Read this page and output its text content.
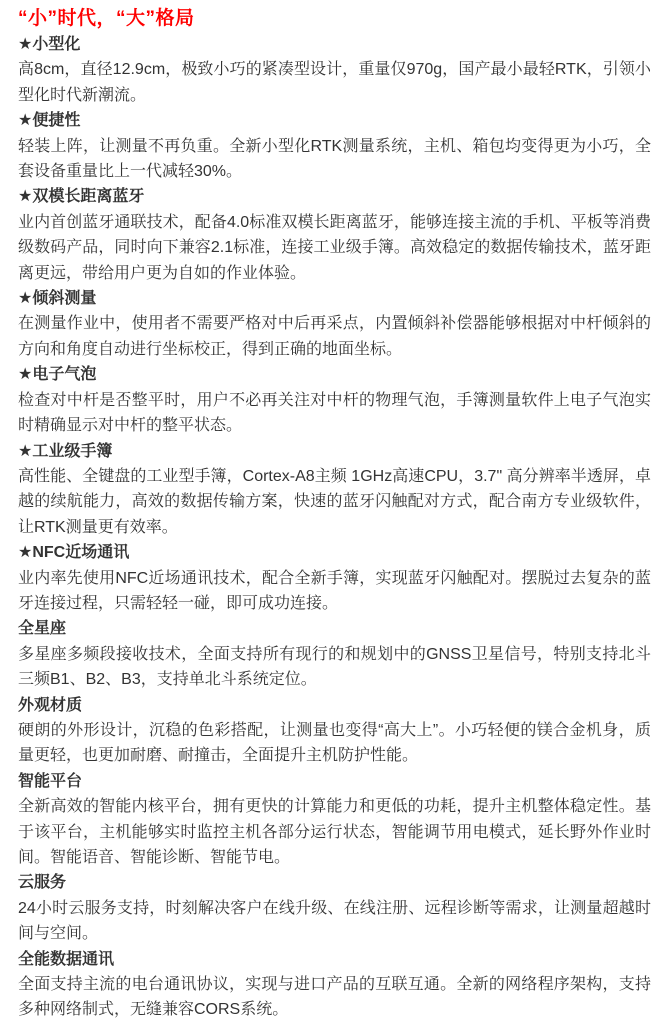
“小”时代，“大”格局

★小型化

高8cm，直径12.9cm，极致小巧的紧凑型设计，重量仅970g，国产最小最轻RTK，引领小型化时代新潮流。

★便捷性

轻装上阵，让测量不再负重。全新小型化RTK测量系统，主机、箱包均变得更为小巧，全套设备重量比上一代减轻30%。

★双模长距离蓝牙

业内首创蓝牙通联技术，配备4.0标准双模长距离蓝牙，能够连接主流的手机、平板等消费级数码产品，同时向下兼容2.1标准，连接工业级手簿。高效稳定的数据传输技术，蓝牙距离更远，带给用户更为自如的作业体验。

★倾斜测量

在测量作业中，使用者不需要严格对中后再采点，内置倾斜补偿器能够根据对中杆倾斜的方向和角度自动进行坐标校正，得到正确的地面坐标。

★电子气泡

检查对中杆是否整平时，用户不必再关注对中杆的物理气泡，手簿测量软件上电子气泡实时精确显示对中杆的整平状态。

★工业级手簿

高性能、全键盘的工业型手簿，Cortex-A8主频 1GHz高速CPU，3.7" 高分辨率半透屏，卓越的续航能力，高效的数据传输方案，快速的蓝牙闪触配对方式，配合南方专业级软件，让RTK测量更有效率。

★NFC近场通讯

业内率先使用NFC近场通讯技术，配合全新手簿，实现蓝牙闪触配对。摆脱过去复杂的蓝牙连接过程，只需轻轻一碰，即可成功连接。

全星座

多星座多频段接收技术，全面支持所有现行的和规划中的GNSS卫星信号，特别支持北斗三频B1、B2、B3，支持单北斗系统定位。

外观材质

硬朗的外形设计，沉稳的色彩搭配，让测量也变得“高大上”。小巧轻便的镁合金机身，质量更轻，也更加耐磨、耐撞击，全面提升主机防护性能。

智能平台

全新高效的智能内核平台，拥有更快的计算能力和更低的功耗，提升主机整体稳定性。基于该平台，主机能够实时监控主机各部分运行状态，智能调节用电模式，延长野外作业时间。智能语音、智能诊断、智能节电。

云服务

24小时云服务支持，时刻解决客户在线升级、在线注册、远程诊断等需求，让测量超越时间与空间。

全能数据通讯

全面支持主流的电台通讯协议，实现与进口产品的互联互通。全新的网络程序架构，支持多种网络制式，无缝兼容CORS系统。
